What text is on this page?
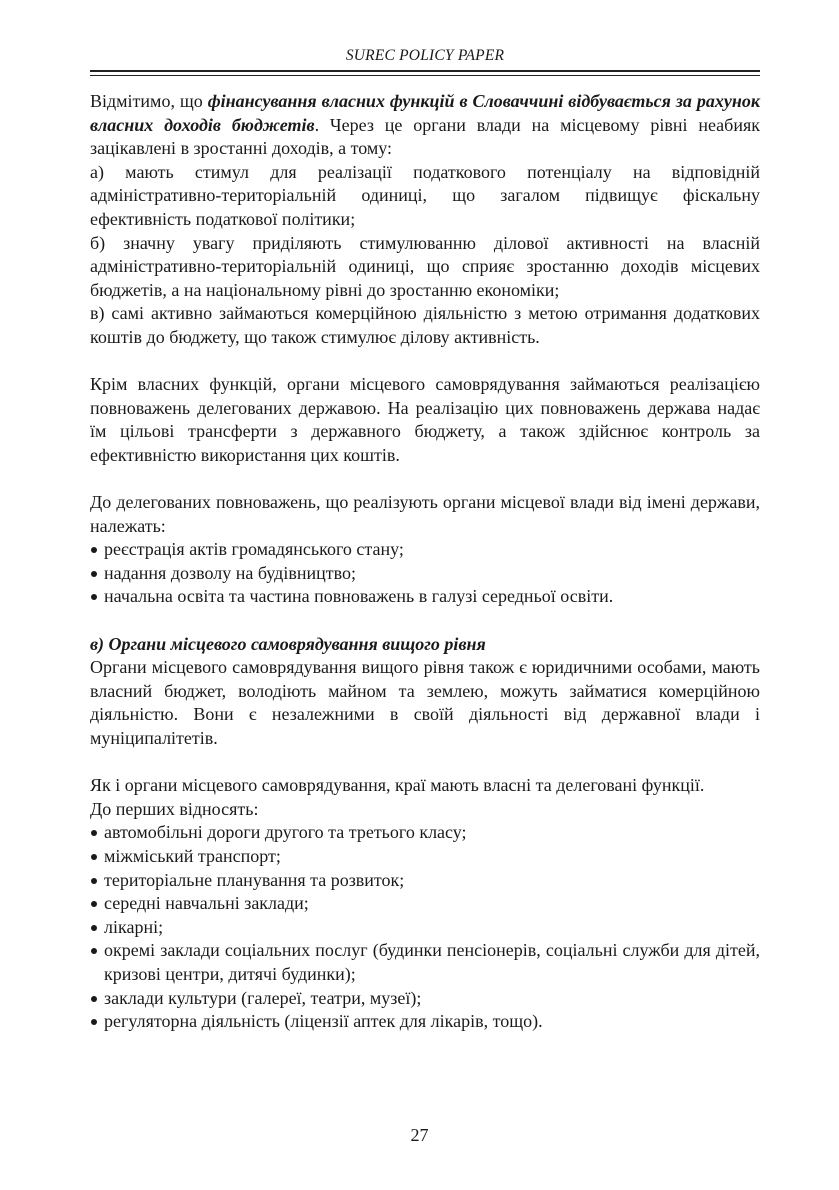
SUREC POLICY PAPER

Відмітимо, що фінансування власних функцій в Словаччині відбувається за рахунок власних доходів бюджетів. Через це органи влади на місцевому рівні неабияк зацікавлені в зростанні доходів, а тому:

а) мають стимул для реалізації податкового потенціалу на відповідній адміністративно-територіальній одиниці, що загалом підвищує фіскальну ефективність податкової політики;

б) значну увагу приділяють стимулюванню ділової активності на власній адміністративно-територіальній одиниці, що сприяє зростанню доходів місцевих бюджетів, а на національному рівні до зростанню економіки;

в) самі активно займаються комерційною діяльністю з метою отримання додаткових коштів до бюджету, що також стимулює ділову активність.

Крім власних функцій, органи місцевого самоврядування займаються реалізацією повноважень делегованих державою. На реалізацію цих повноважень держава надає їм цільові трансферти з державного бюджету, а також здійснює контроль за ефективністю використання цих коштів.

До делегованих повноважень, що реалізують органи місцевої влади від імені держави, належать:

реєстрація актів громадянського стану;
надання дозволу на будівництво;
начальна освіта та частина повноважень в галузі середньої освіти.

в) Органи місцевого самоврядування вищого рівня

Органи місцевого самоврядування вищого рівня також є юридичними особами, мають власний бюджет, володіють майном та землею, можуть займатися комерційною діяльністю. Вони є незалежними в своїй діяльності від державної влади і муніципалітетів.

Як і органи місцевого самоврядування, краї мають власні та делеговані функції.

До перших відносять:

автомобільні дороги другого та третього класу;
міжміський транспорт;
територіальне планування та розвиток;
середні навчальні заклади;
лікарні;
окремі заклади соціальних послуг (будинки пенсіонерів, соціальні служби для дітей, кризові центри, дитячі будинки);
заклади культури (галереї, театри, музеї);
регуляторна діяльність (ліцензії аптек для лікарів, тощо).
27
